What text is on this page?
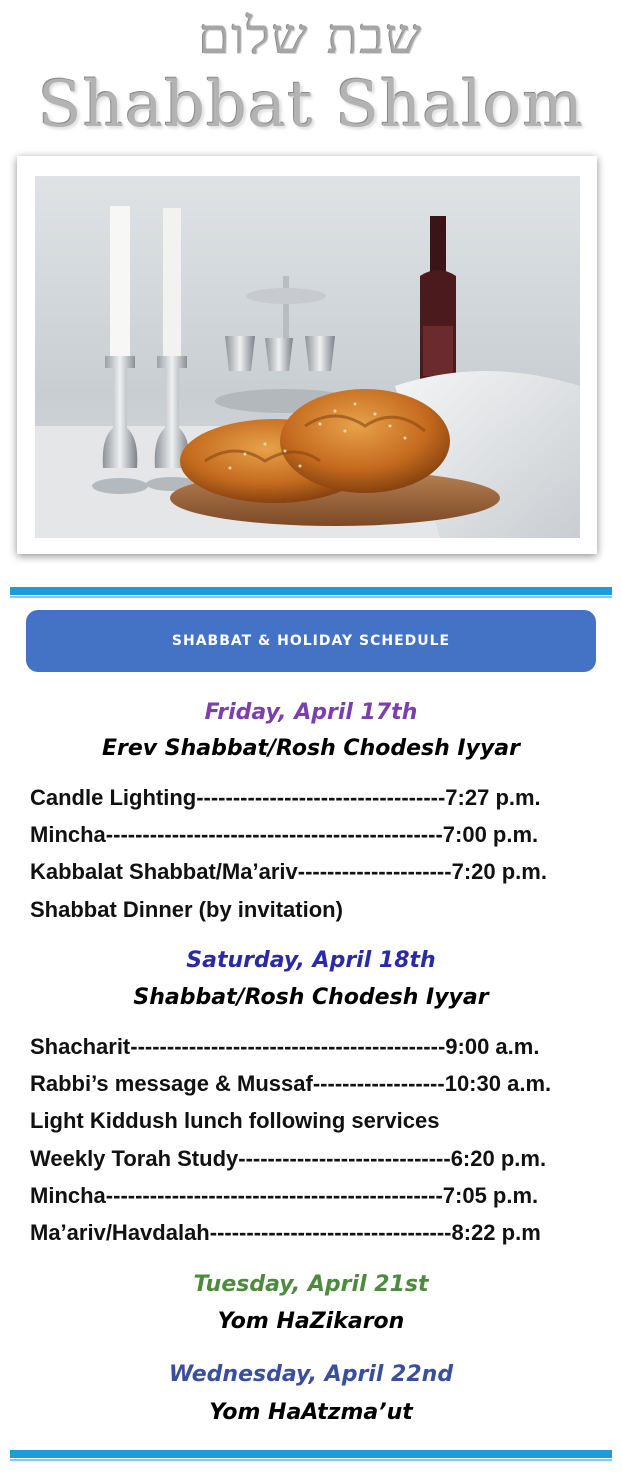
שבת שלום
Shabbat Shalom
SHABBAT & HOLIDAY SCHEDULE
Friday, April 17th
Erev Shabbat/Rosh Chodesh Iyyar
Candle Lighting----------------------------------7:27 p.m.
Mincha----------------------------------------------7:00 p.m.
Kabbalat Shabbat/Ma’ariv---------------------7:20 p.m.
Shabbat Dinner (by invitation)
Saturday, April 18th
Shabbat/Rosh Chodesh Iyyar
Shacharit-------------------------------------------9:00 a.m.
Rabbi’s message & Mussaf------------------10:30 a.m.
Light Kiddush lunch following services
Weekly Torah Study-----------------------------6:20 p.m.
Mincha----------------------------------------------7:05 p.m.
Ma’ariv/Havdalah---------------------------------8:22 p.m
Tuesday, April 21st
Yom HaZikaron
Wednesday, April 22nd
Yom HaAtzma’ut
